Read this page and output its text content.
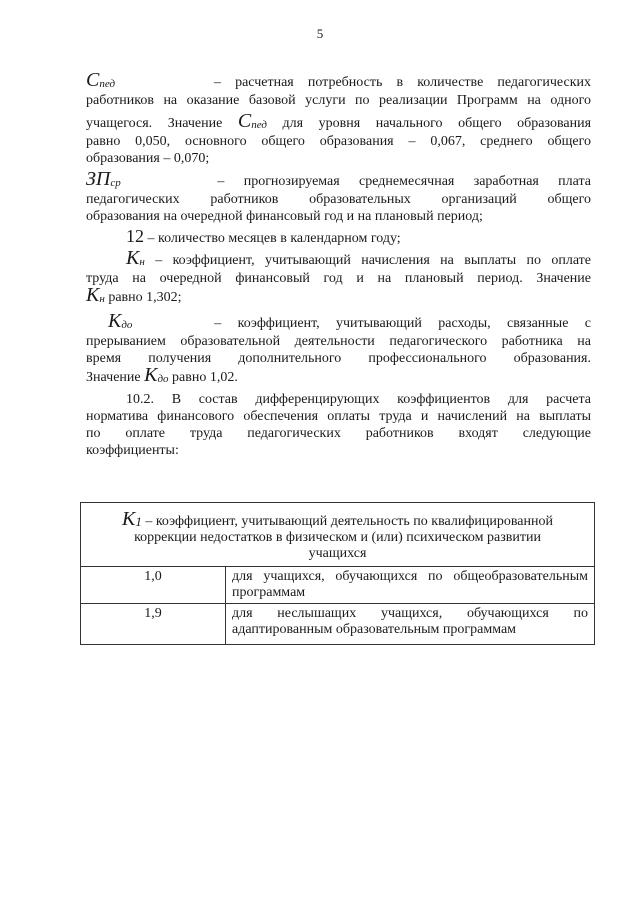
5

Cпед	– расчетная потребность в количестве педагогических

работников на оказание базовой услуги по реализации Программ на одного

учащегося. Значение Cпед для уровня начального общего образования

равно 0,050, основного общего образования – 0,067, среднего общего

образования – 0,070;

ЗПср	– прогнозируемая среднемесячная заработная плата

педагогических работников образовательных организаций общего

образования на очередной финансовый год и на плановый период;

12 – количество месяцев в календарном году;

Kн – коэффициент, учитывающий начисления на выплаты по оплате

труда на очередной финансовый год и на плановый период. Значение

Kн равно 1,302;

Kдо	– коэффициент, учитывающий расходы, связанные с

прерыванием образовательной деятельности педагогического работника на

время получения дополнительного профессионального образования.

Значение Kдо равно 1,02.

10.2. В состав дифференцирующих коэффициентов для расчета

норматива финансового обеспечения оплаты труда и начислений на выплаты

по оплате труда педагогических работников входят следующие

коэффициенты:

K1 – коэффициент, учитывающий деятельность по квалифицированной
коррекции недостатков в физическом и (или) психическом развитии
учащихся	
1,0	для учащихся, обучающихся по общеобразовательным
программам

1,9	для неслышащих учащихся, обучающихся по
адаптированным образовательным программам
